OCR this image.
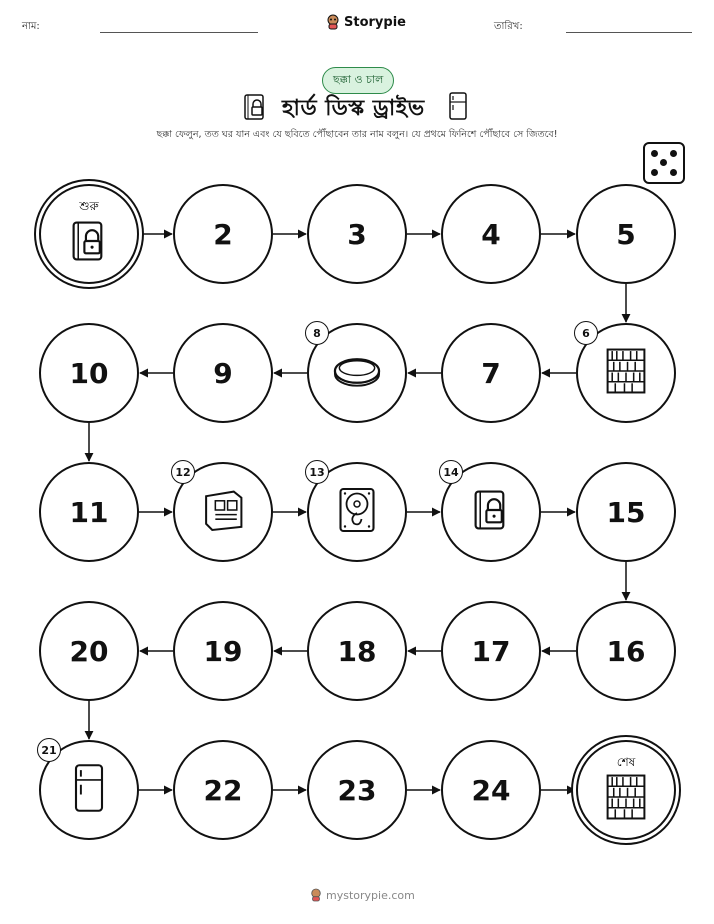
নাম:	Storypie	তারিখ:
ছক্কা ও চাল
হার্ড ডিস্ক ড্রাইভ
ছক্কা ফেলুন, তত ঘর যান এবং যে ছবিতে পৌঁছাবেন তার নাম বলুন। যে প্রথমে ফিনিশে পৌঁছাবে সে জিতবে!
শুরু
2	3	4	5
6
7
8
9
10
11
12	13	14
15
16
17
18
19
20
21
22	23	24
শেষ
mystorypie.com
